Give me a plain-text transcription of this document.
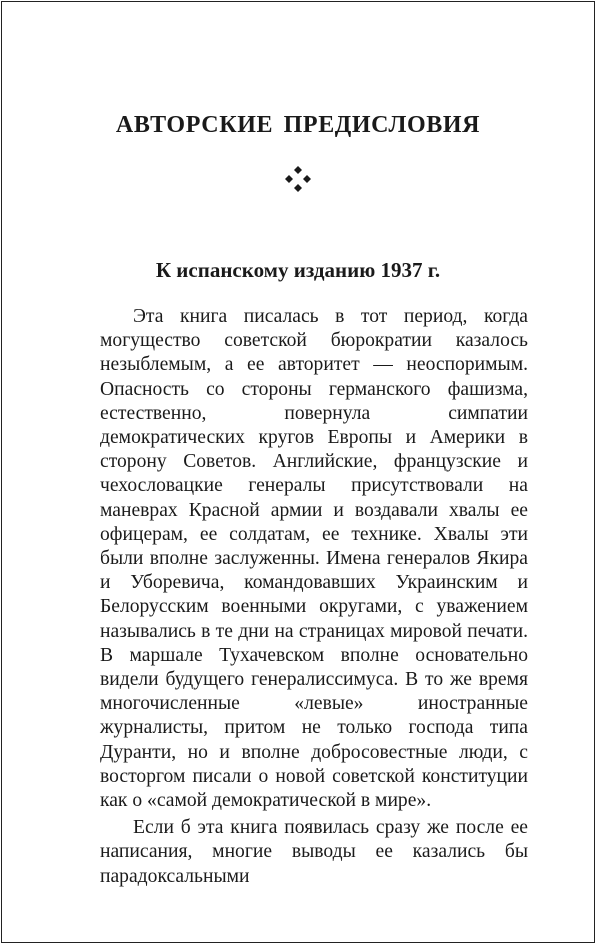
АВТОРСКИЕ ПРЕДИСЛОВИЯ
К испанскому изданию 1937 г.

Эта книга писалась в тот период, когда могущество советской бюрократии казалось незыблемым, а ее авторитет — неоспоримым. Опасность со стороны германского фашизма, естественно, повернула симпатии демократических кругов Европы и Америки в сторону Советов. Английские, французские и чехословацкие генералы присутствовали на маневрах Красной армии и воздавали хвалы ее офицерам, ее солдатам, ее технике. Хвалы эти были вполне заслуженны. Имена генералов Якира и Уборевича, командовавших Украинским и Белорусским военными округами, с уважением назывались в те дни на страницах мировой печати. В маршале Тухачевском вполне основательно видели будущего генералиссимуса. В то же время многочисленные «левые» иностранные журналисты, притом не только господа типа Дуранти, но и вполне добросовестные люди, с восторгом писали о новой советской конституции как о «самой демократической в мире».

Если б эта книга появилась сразу же после ее написания, многие выводы ее казались бы парадоксальными
